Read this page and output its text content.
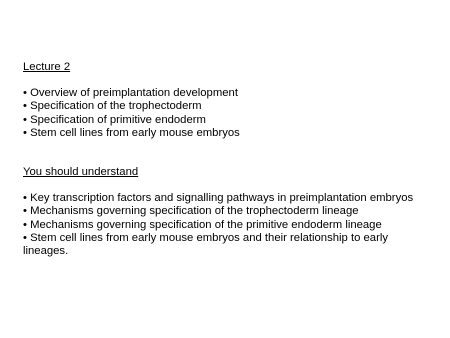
Lecture 2

• Overview of preimplantation development
• Specification of the trophectoderm
• Specification of primitive endoderm
• Stem cell lines from early mouse embryos

You should understand

• Key transcription factors and signalling pathways in preimplantation embryos
• Mechanisms governing specification of the trophectoderm lineage
• Mechanisms governing specification of the primitive endoderm lineage
• Stem cell lines from early mouse embryos and their relationship to early lineages.
